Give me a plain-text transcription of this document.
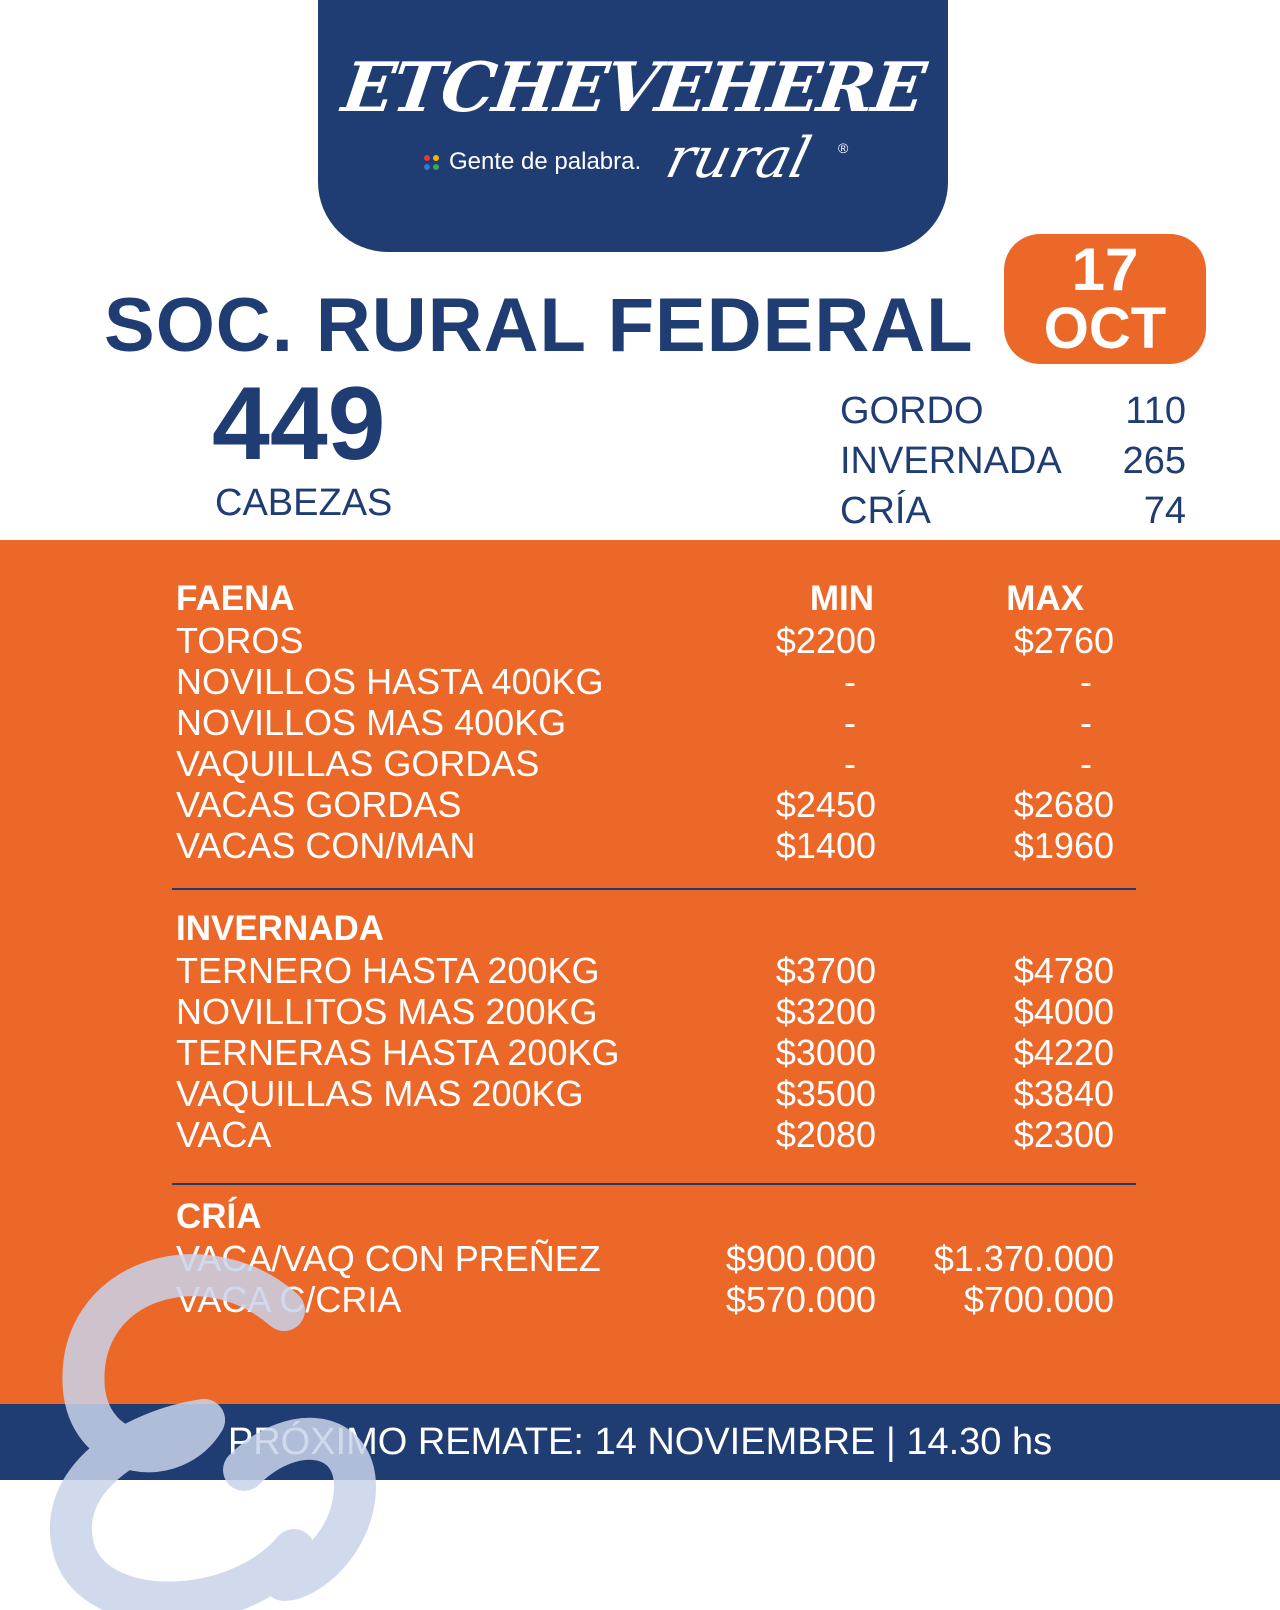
ETCHEVEHERE
Gente de palabra. rural ®
SOC. RURAL FEDERAL
17
OCT
449
CABEZAS
GORDO	110
INVERNADA 265
CRÍA	74
FAENA	MIN	MAX
TOROS	$2200	$2760
NOVILLOS HASTA 400KG	-	-
NOVILLOS MAS 400KG	-	-
VAQUILLAS GORDAS	-	-
VACAS GORDAS	$2450	$2680
VACAS CON/MAN	$1400	$1960
INVERNADA
TERNERO HASTA 200KG	$3700	$4780
NOVILLITOS MAS 200KG	$3200	$4000
TERNERAS HASTA 200KG	$3000	$4220
VAQUILLAS MAS 200KG	$3500	$3840
VACA	$2080	$2300
CRÍA
VACA/VAQ CON PREÑEZ	$900.000 $1.370.000
VACA C/CRIA	$570.000 $700.000
PRÓXIMO REMATE: 14 NOVIEMBRE | 14.30 hs
